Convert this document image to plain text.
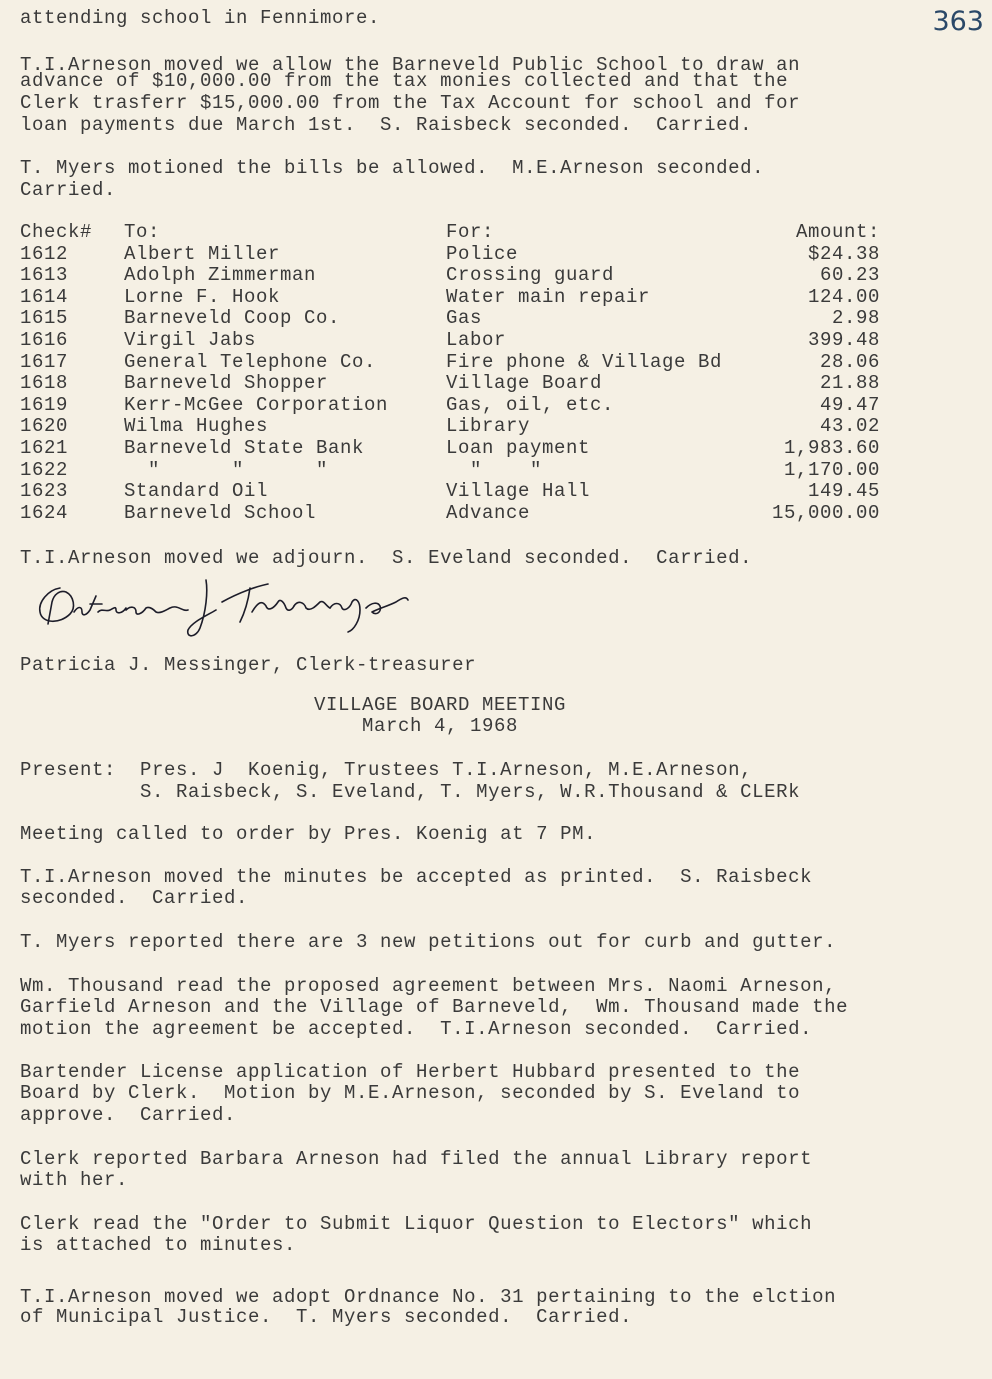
363

attending school in Fennimore.

T.I.Arneson moved we allow the Barneveld Public School to draw an

advance of $10,000.00 from the tax monies collected and that the

Clerk trasferr $15,000.00 from the Tax Account for school and for

loan payments due March 1st.  S. Raisbeck seconded.  Carried.

T. Myers motioned the bills be allowed.  M.E.Arneson seconded.

Carried.

Check# To:	For:	Amount:
1612	Albert Miller	Police	$24.38
1613	Adolph Zimmerman	Crossing guard	60.23
1614	Lorne F. Hook	Water main repair	124.00
1615	Barneveld Coop Co.	Gas	2.98
1616	Virgil Jabs	Labor	399.48
1617	General Telephone Co.	Fire phone & Village Bd	28.06
1618	Barneveld Shopper	Village Board	21.88
1619	Kerr-McGee Corporation	Gas, oil, etc.	49.47
1620	Wilma Hughes	Library	43.02
1621	Barneveld State Bank	Loan payment	1,983.60
1622	"      "      "	"    "	1,170.00
1623	Standard Oil	Village Hall	149.45
1624	Barneveld School	Advance	15,000.00

T.I.Arneson moved we adjourn.  S. Eveland seconded.  Carried.

Patricia J. Messinger, Clerk-treasurer

VILLAGE BOARD MEETING
March 4, 1968

Present:  Pres. J  Koenig, Trustees T.I.Arneson, M.E.Arneson,

S. Raisbeck, S. Eveland, T. Myers, W.R.Thousand & CLERk

Meeting called to order by Pres. Koenig at 7 PM.

T.I.Arneson moved the minutes be accepted as printed.  S. Raisbeck

seconded.  Carried.

T. Myers reported there are 3 new petitions out for curb and gutter.

Wm. Thousand read the proposed agreement between Mrs. Naomi Arneson,

Garfield Arneson and the Village of Barneveld,  Wm. Thousand made the

motion the agreement be accepted.  T.I.Arneson seconded.  Carried.

Bartender License application of Herbert Hubbard presented to the

Board by Clerk.  Motion by M.E.Arneson, seconded by S. Eveland to

approve.  Carried.

Clerk reported Barbara Arneson had filed the annual Library report

with her.

Clerk read the "Order to Submit Liquor Question to Electors" which

is attached to minutes.

T.I.Arneson moved we adopt Ordnance No. 31 pertaining to the elction

of Municipal Justice.  T. Myers seconded.  Carried.
